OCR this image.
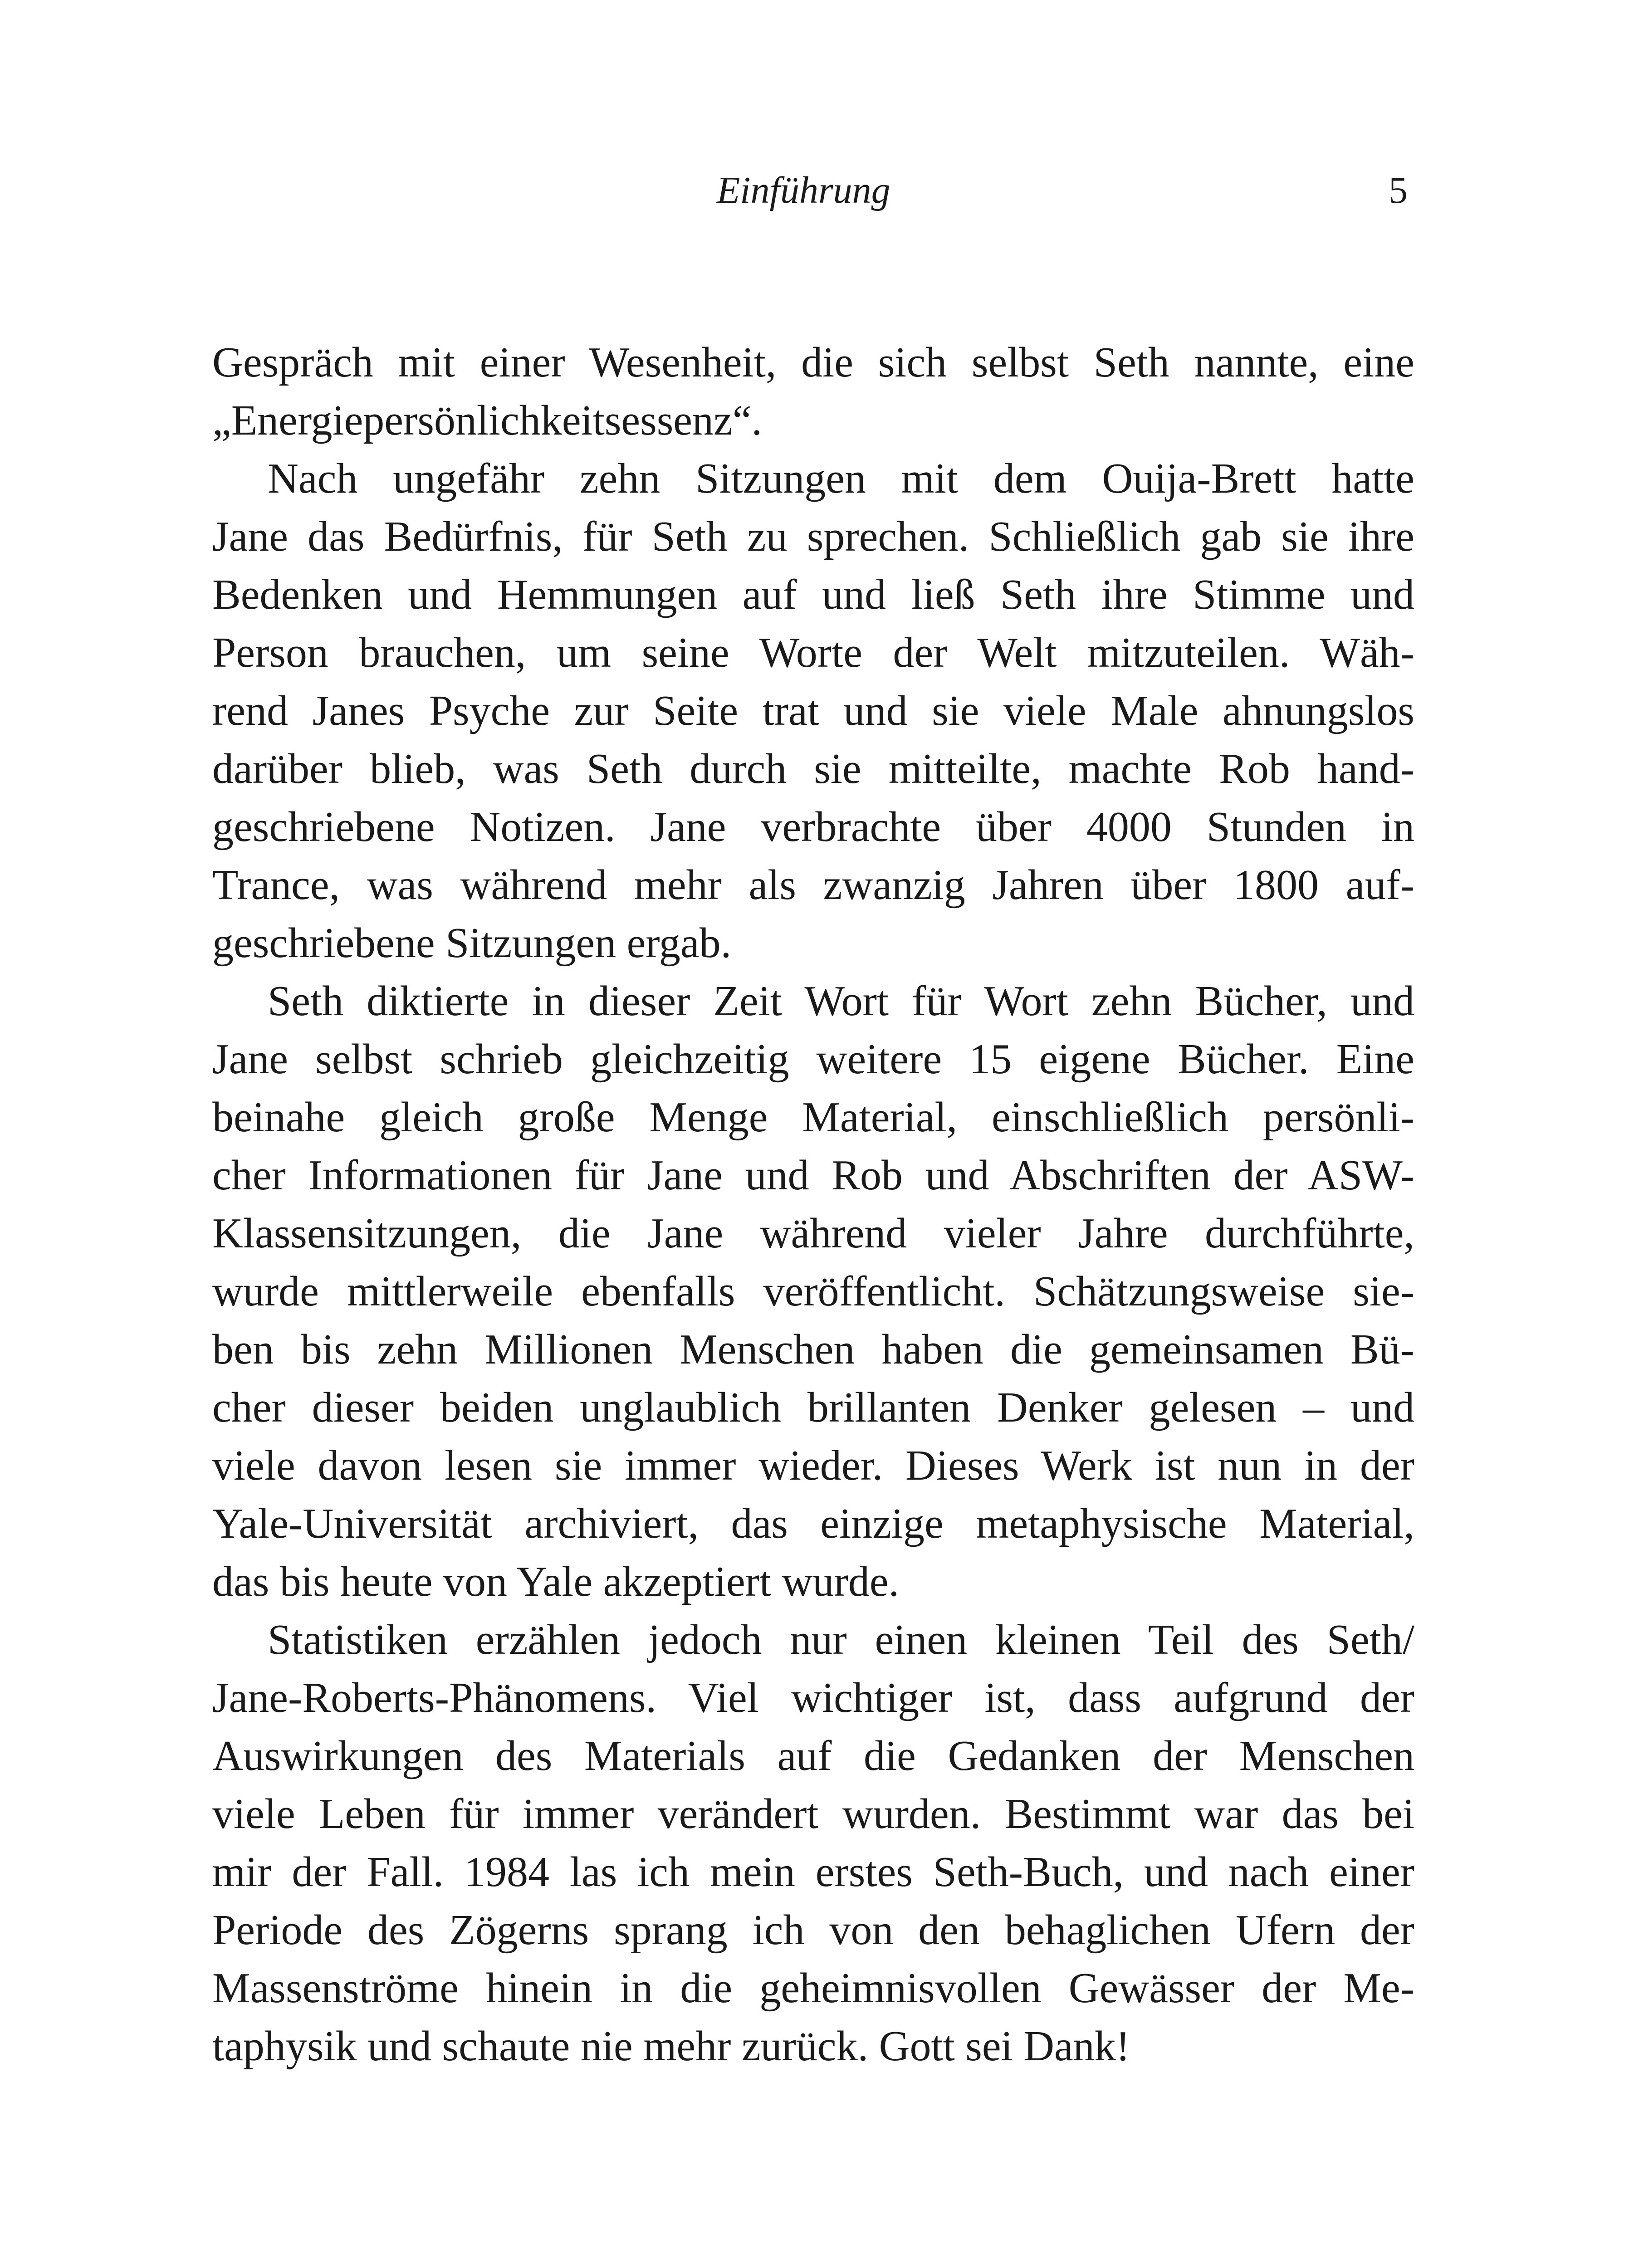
Einführung	5
Gespräch mit einer Wesenheit, die sich selbst Seth nannte, eine
„Energiepersönlichkeitsessenz“.
Nach ungefähr zehn Sitzungen mit dem Ouija-Brett hatte
Jane das Bedürfnis, für Seth zu sprechen. Schließlich gab sie ihre
Bedenken und Hemmungen auf und ließ Seth ihre Stimme und
Person brauchen, um seine Worte der Welt mitzuteilen. Wäh-
rend Janes Psyche zur Seite trat und sie viele Male ahnungslos
darüber blieb, was Seth durch sie mitteilte, machte Rob hand-
geschriebene Notizen. Jane verbrachte über 4000 Stunden in
Trance, was während mehr als zwanzig Jahren über 1800 auf-
geschriebene Sitzungen ergab.
Seth diktierte in dieser Zeit Wort für Wort zehn Bücher, und
Jane selbst schrieb gleichzeitig weitere 15 eigene Bücher. Eine
beinahe gleich große Menge Material, einschließlich persönli-
cher Informationen für Jane und Rob und Abschriften der ASW-
Klassensitzungen, die Jane während vieler Jahre durchführte,
wurde mittlerweile ebenfalls veröffentlicht. Schätzungsweise sie-
ben bis zehn Millionen Menschen haben die gemeinsamen Bü-
cher dieser beiden unglaublich brillanten Denker gelesen – und
viele davon lesen sie immer wieder. Dieses Werk ist nun in der
Yale-Universität archiviert, das einzige metaphysische Material,
das bis heute von Yale akzeptiert wurde.
Statistiken erzählen jedoch nur einen kleinen Teil des Seth/
Jane-Roberts-Phänomens. Viel wichtiger ist, dass aufgrund der
Auswirkungen des Materials auf die Gedanken der Menschen
viele Leben für immer verändert wurden. Bestimmt war das bei
mir der Fall. 1984 las ich mein erstes Seth-Buch, und nach einer
Periode des Zögerns sprang ich von den behaglichen Ufern der
Massenströme hinein in die geheimnisvollen Gewässer der Me-
taphysik und schaute nie mehr zurück. Gott sei Dank!
